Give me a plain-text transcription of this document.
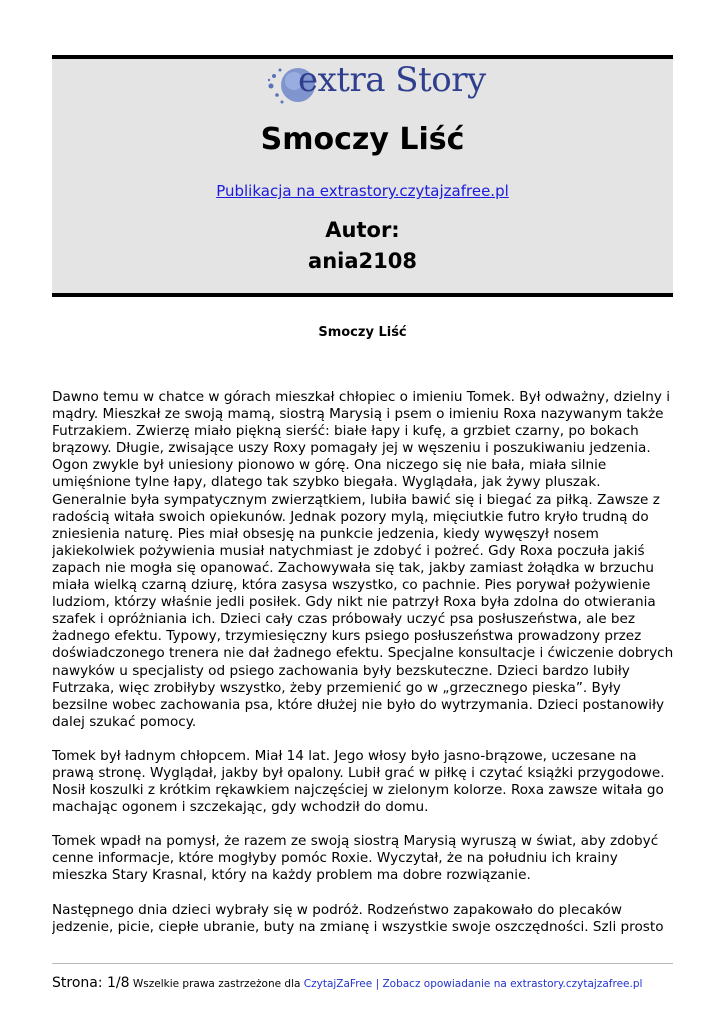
extra Story
Smoczy Liść
Publikacja na extrastory.czytajzafree.pl
Autor:
ania2108
Smoczy Liść

Dawno temu w chatce w górach mieszkał chłopiec o imieniu Tomek. Był odważny, dzielny i mądry. Mieszkał ze swoją mamą, siostrą Marysią i psem o imieniu Roxa nazywanym także Futrzakiem. Zwierzę miało piękną sierść: białe łapy i kufę, a grzbiet czarny, po bokach brązowy. Długie, zwisające uszy Roxy pomagały jej w węszeniu i poszukiwaniu jedzenia. Ogon zwykle był uniesiony pionowo w górę. Ona niczego się nie bała, miała silnie umięśnione tylne łapy, dlatego tak szybko biegała. Wyglądała, jak żywy pluszak. Generalnie była sympatycznym zwierzątkiem, lubiła bawić się i biegać za piłką. Zawsze z radością witała swoich opiekunów. Jednak pozory mylą, mięciutkie futro kryło trudną do zniesienia naturę. Pies miał obsesję na punkcie jedzenia, kiedy wywęszył nosem jakiekolwiek pożywienia musiał natychmiast je zdobyć i pożreć. Gdy Roxa poczuła jakiś zapach nie mogła się opanować. Zachowywała się tak, jakby zamiast żołądka w brzuchu miała wielką czarną dziurę, która zasysa wszystko, co pachnie. Pies porywał pożywienie ludziom, którzy właśnie jedli posiłek. Gdy nikt nie patrzył Roxa była zdolna do otwierania szafek i opróżniania ich. Dzieci cały czas próbowały uczyć psa posłuszeństwa, ale bez żadnego efektu. Typowy, trzymiesięczny kurs psiego posłuszeństwa prowadzony przez doświadczonego trenera nie dał żadnego efektu. Specjalne konsultacje i ćwiczenie dobrych nawyków u specjalisty od psiego zachowania były bezskuteczne. Dzieci bardzo lubiły Futrzaka, więc zrobiłyby wszystko, żeby przemienić go w „grzecznego pieska”. Były bezsilne wobec zachowania psa, które dłużej nie było do wytrzymania. Dzieci postanowiły dalej szukać pomocy.

Tomek był ładnym chłopcem. Miał 14 lat. Jego włosy było jasno-brązowe, uczesane na prawą stronę. Wyglądał, jakby był opalony. Lubił grać w piłkę i czytać książki przygodowe. Nosił koszulki z krótkim rękawkiem najczęściej w zielonym kolorze. Roxa zawsze witała go machając ogonem i szczekając, gdy wchodził do domu.

Tomek wpadł na pomysł, że razem ze swoją siostrą Marysią wyruszą w świat, aby zdobyć cenne informacje, które mogłyby pomóc Roxie. Wyczytał, że na południu ich krainy mieszka Stary Krasnal, który na każdy problem ma dobre rozwiązanie.

Następnego dnia dzieci wybrały się w podróż. Rodzeństwo zapakowało do plecaków jedzenie, picie, ciepłe ubranie, buty na zmianę i wszystkie swoje oszczędności. Szli prosto

Strona: 1/8 Wszelkie prawa zastrzeżone dla CzytajZaFree | Zobacz opowiadanie na extrastory.czytajzafree.pl
